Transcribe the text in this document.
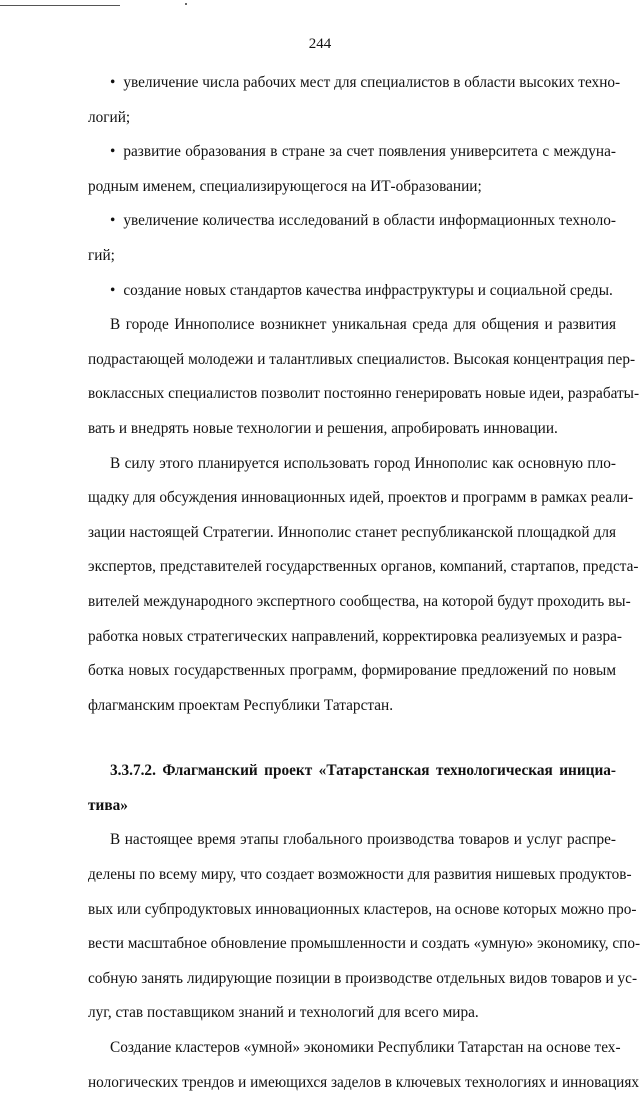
244
• увеличение числа рабочих мест для специалистов в области высоких техно-
логий;
• развитие образования в стране за счет появления университета с междуна-
родным именем, специализирующегося на ИТ-образовании;
• увеличение количества исследований в области информационных техноло-
гий;
• создание новых стандартов качества инфраструктуры и социальной среды.
В городе Иннополисе возникнет уникальная среда для общения и развития
подрастающей молодежи и талантливых специалистов. Высокая концентрация пер-
воклассных специалистов позволит постоянно генерировать новые идеи, разрабаты-
вать и внедрять новые технологии и решения, апробировать инновации.
В силу этого планируется использовать город Иннополис как основную пло-
щадку для обсуждения инновационных идей, проектов и программ в рамках реали-
зации настоящей Стратегии. Иннополис станет республиканской площадкой для
экспертов, представителей государственных органов, компаний, стартапов, предста-
вителей международного экспертного сообщества, на которой будут проходить вы-
работка новых стратегических направлений, корректировка реализуемых и разра-
ботка новых государственных программ, формирование предложений по новым
флагманским проектам Республики Татарстан.
3.3.7.2. Флагманский проект «Татарстанская технологическая инициа-
тива»
В настоящее время этапы глобального производства товаров и услуг распре-
делены по всему миру, что создает возможности для развития нишевых продуктов-
вых или субпродуктовых инновационных кластеров, на основе которых можно про-
вести масштабное обновление промышленности и создать «умную» экономику, спо-
собную занять лидирующие позиции в производстве отдельных видов товаров и ус-
луг, став поставщиком знаний и технологий для всего мира.
Создание кластеров «умной» экономики Республики Татарстан на основе тех-
нологических трендов и имеющихся заделов в ключевых технологиях и инновациях
